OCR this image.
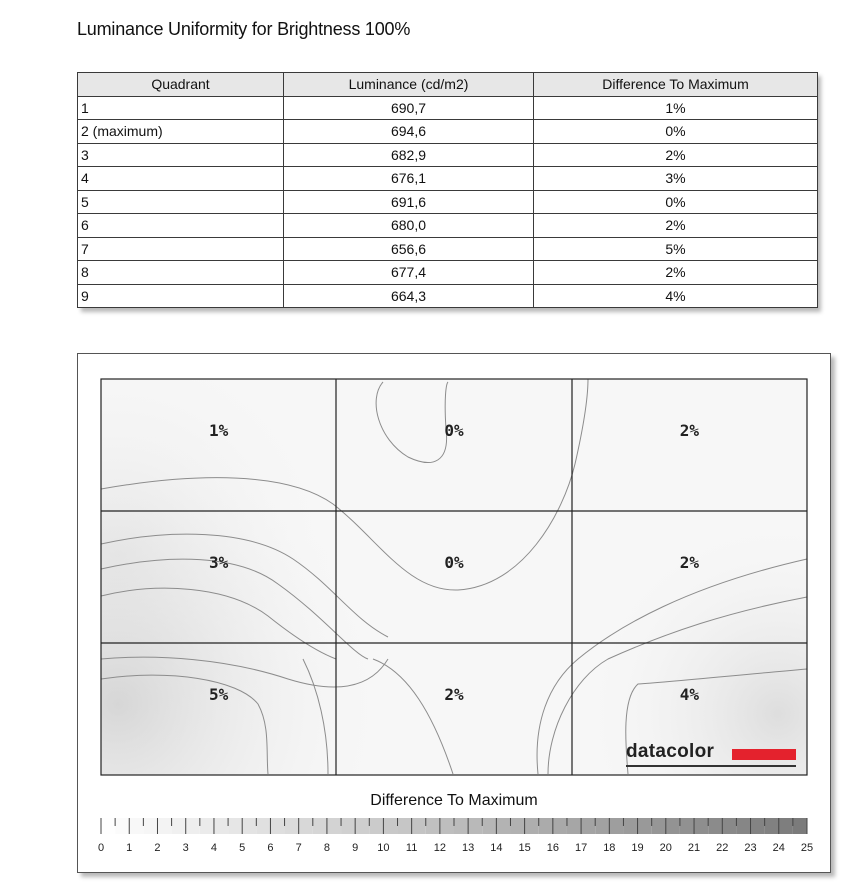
Luminance Uniformity for Brightness 100%
Quadrant	Luminance (cd/m2)	Difference To Maximum
1	690,7	1%
2 (maximum)	694,6	0%
3	682,9	2%
4	676,1	3%
5	691,6	0%
6	680,0	2%
7	656,6	5%
8	677,4	2%
9	664,3	4%
1%	0%	2%
3%	0%	2%
5%	2%	4%
0 1 2 3 4 5 6 7 8 9 10 11 12 13 14 15 16 17 18 19 20 21 22 23 24 25
Difference To Maximum
datacolor
